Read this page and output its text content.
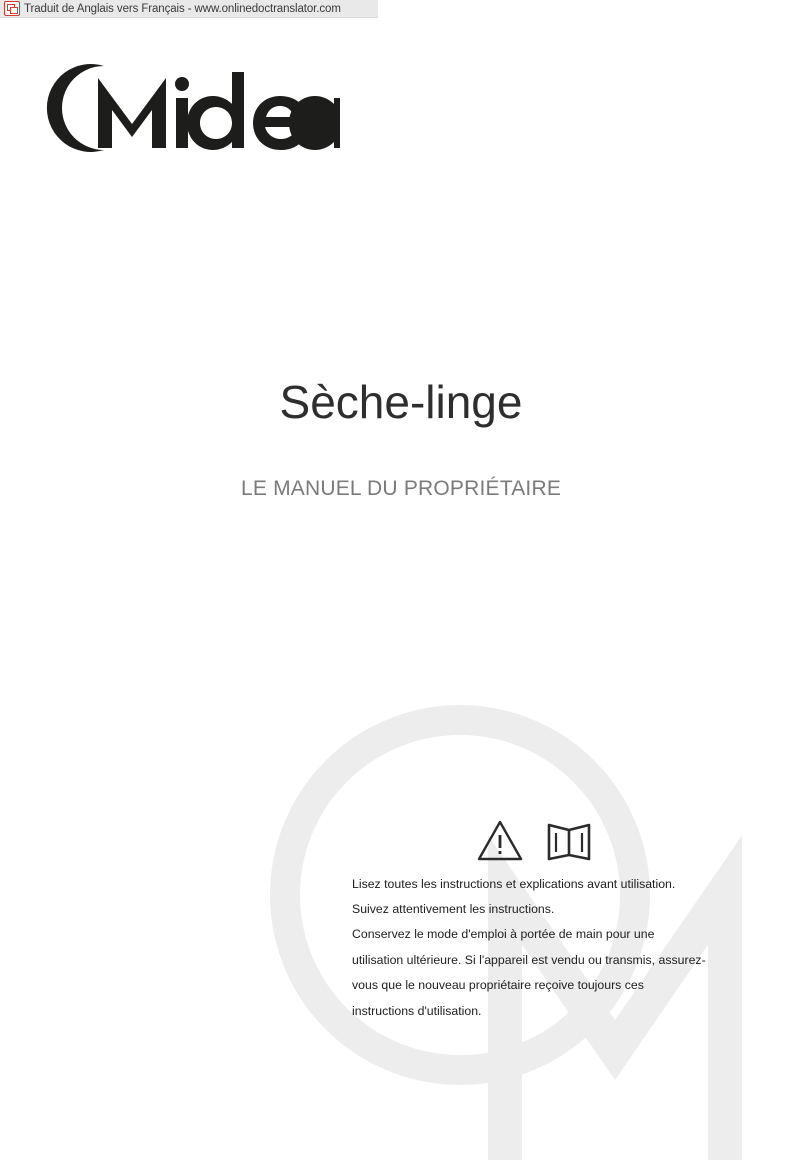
Traduit de Anglais vers Français - www.onlinedoctranslator.com
Sèche-linge
LE MANUEL DU PROPRIÉTAIRE

Lisez toutes les instructions et explications avant utilisation.

Suivez attentivement les instructions.

Conservez le mode d'emploi à portée de main pour une

utilisation ultérieure. Si l'appareil est vendu ou transmis, assurez-

vous que le nouveau propriétaire reçoive toujours ces

instructions d'utilisation.
